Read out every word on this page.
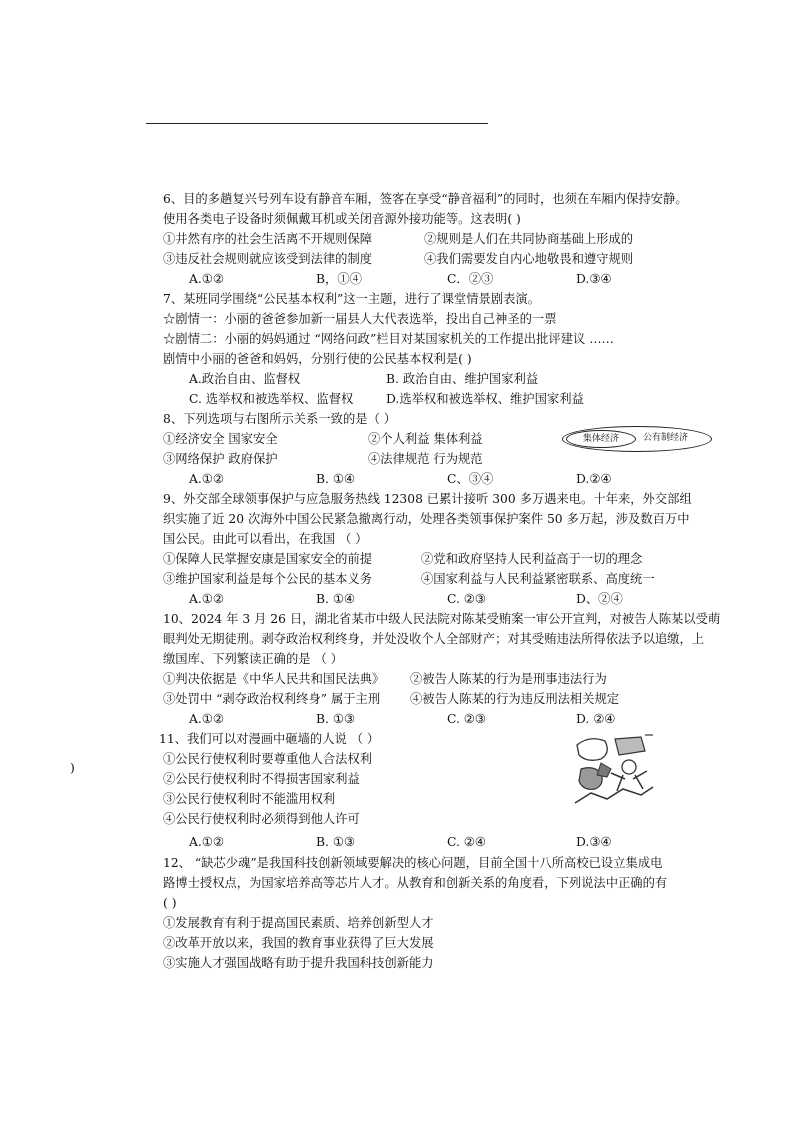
)
6、目的多趟复兴号列车设有静音车厢，签客在享受“静音福利”的同时，也须在车厢内保持安静。
使用各类电子设备时须佩戴耳机或关闭音源外接功能等。这表明( )
①井然有序的社会生活离不开规则保障	②规则是人们在共同协商基础上形成的
③违反社会规则就应该受到法律的制度	④我们需要发自内心地敬畏和遵守规则
A.①②	B，①④	C．②③	D.③④
7、某班同学围绕“公民基本权利”这一主题，进行了课堂情景剧表演。
☆剧情一：小丽的爸爸参加新一届县人大代表选举，投出自己神圣的一票
☆剧情二：小丽的妈妈通过 “网络问政”栏目对某国家机关的工作提出批评建议 ……
剧情中小丽的爸爸和妈妈，分别行使的公民基本权利是( )
A.政治自由、监督权	B. 政治自由、维护国家利益
C. 选举权和被选举权、监督权	D.选举权和被选举权、维护国家利益
8、下列选项与右图所示关系一致的是（ ）
①经济安全 国家安全	②个人利益 集体利益
③网络保护 政府保护	④法律规范 行为规范
A.①②	B. ①④	C、③④	D.②④
集体经济	公有制经济
9、外交部全球领事保护与应急服务热线 12308 已累计接听 300 多万遇来电。十年来，外交部组
织实施了近 20 次海外中国公民紧急撤离行动，处理各类领事保护案件 50 多万起，涉及数百万中
国公民。由此可以看出，在我国 （ ）
①保障人民掌握安康是国家安全的前提	②党和政府坚持人民利益高于一切的理念
③维护国家利益是每个公民的基本义务	④国家利益与人民利益紧密联系、高度统一
A.①②	B. ①④	C. ②③	D、②④
10、2024 年 3 月 26 日，湖北省某市中级人民法院对陈某受贿案一审公开宣判，对被告人陈某以受萌
眼判处无期徒刑。剥夺政治权利终身，并处没收个人全部财产；对其受贿违法所得依法予以追缴，上
缴国库、下列繁读正确的是 （ ）
①判决依据是《中华人民共和国民法典》 ②被告人陈某的行为是刑事违法行为
③处罚中 “剥夺政治权利终身” 属于主刑 ④被告人陈某的行为违反刑法相关规定
A.①②	B. ①③	C. ②③	D. ②④
11、我们可以对漫画中砸墙的人说 （ ）
①公民行使权利时要尊重他人合法权利
②公民行使权利时不得损害国家利益
③公民行使权利时不能滥用权利
④公民行使权利时必须得到他人许可
A.①②	B. ①③	C. ②④	D.③④
12、 “缺芯少魂”是我国科技创新领域要解决的核心问题，目前全国十八所高校已设立集成电
路博士授权点，为国家培养高等芯片人才。从教育和创新关系的角度看，下列说法中正确的有
( )
①发展教育有利于提高国民素质、培养创新型人才
②改革开放以来，我国的教育事业获得了巨大发展
③实施人才强国战略有助于提升我国科技创新能力
